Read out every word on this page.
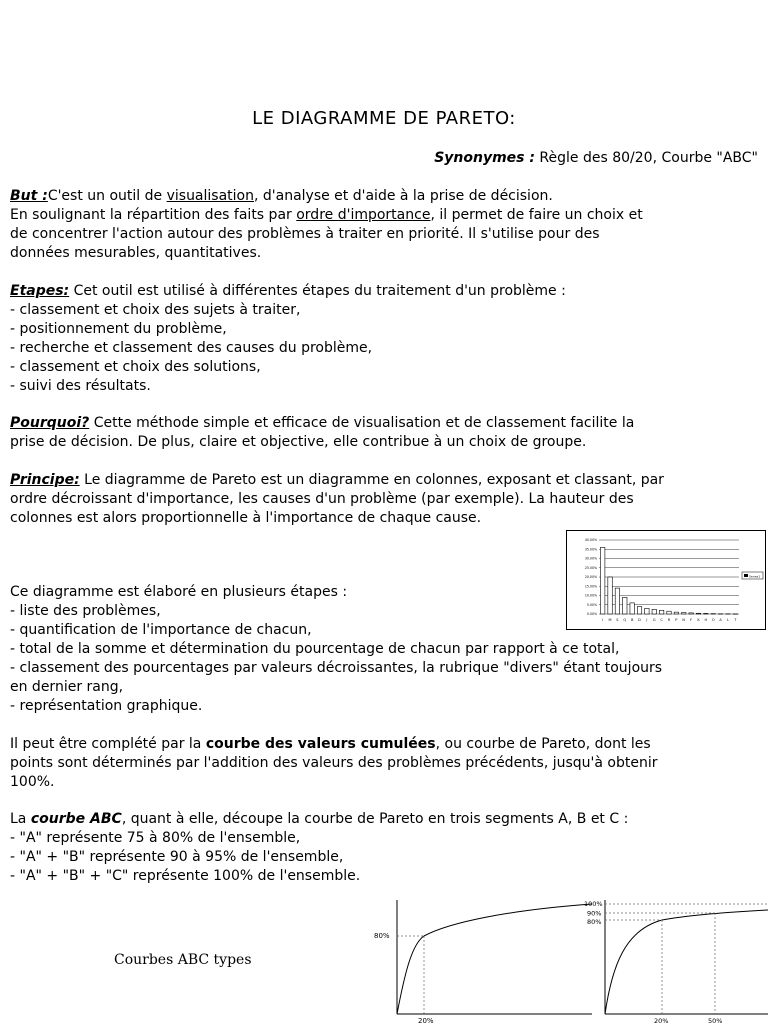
LE DIAGRAMME DE PARETO:
Synonymes : Règle des 80/20, Courbe "ABC"
But :C'est un outil de visualisation, d'analyse et d'aide à la prise de décision.
En soulignant la répartition des faits par ordre d'importance, il permet de faire un choix et
de concentrer l'action autour des problèmes à traiter en priorité. Il s'utilise pour des
données mesurables, quantitatives.
Etapes: Cet outil est utilisé à différentes étapes du traitement d'un problème :
- classement et choix des sujets à traiter,
- positionnement du problème,
- recherche et classement des causes du problème,
- classement et choix des solutions,
- suivi des résultats.
Pourquoi? Cette méthode simple et efficace de visualisation et de classement facilite la
prise de décision. De plus, claire et objective, elle contribue à un choix de groupe.
Principe: Le diagramme de Pareto est un diagramme en colonnes, exposant et classant, par
ordre décroissant d'importance, les causes d'un problème (par exemple). La hauteur des
colonnes est alors proportionnelle à l'importance de chaque cause.
40.00%
35.00%
30.00%
25.00%
20.00%
15.00%
10.00%
5.00%
0.00%
I M S Q B D J G C R P N F K H O A L T
Series1
Ce diagramme est élaboré en plusieurs étapes :
- liste des problèmes,
- quantification de l'importance de chacun,
- total de la somme et détermination du pourcentage de chacun par rapport à ce total,
- classement des pourcentages par valeurs décroissantes, la rubrique "divers" étant toujours
en dernier rang,
- représentation graphique.
Il peut être complété par la courbe des valeurs cumulées, ou courbe de Pareto, dont les
points sont déterminés par l'addition des valeurs des problèmes précédents, jusqu'à obtenir
100%.
La courbe ABC, quant à elle, découpe la courbe de Pareto en trois segments A, B et C :
- "A" représente 75 à 80% de l'ensemble,
- "A" + "B" représente 90 à 95% de l'ensemble,
- "A" + "B" + "C" représente 100% de l'ensemble.
Courbes ABC types
80%
20%
100%
90%
80%
20%	50%
